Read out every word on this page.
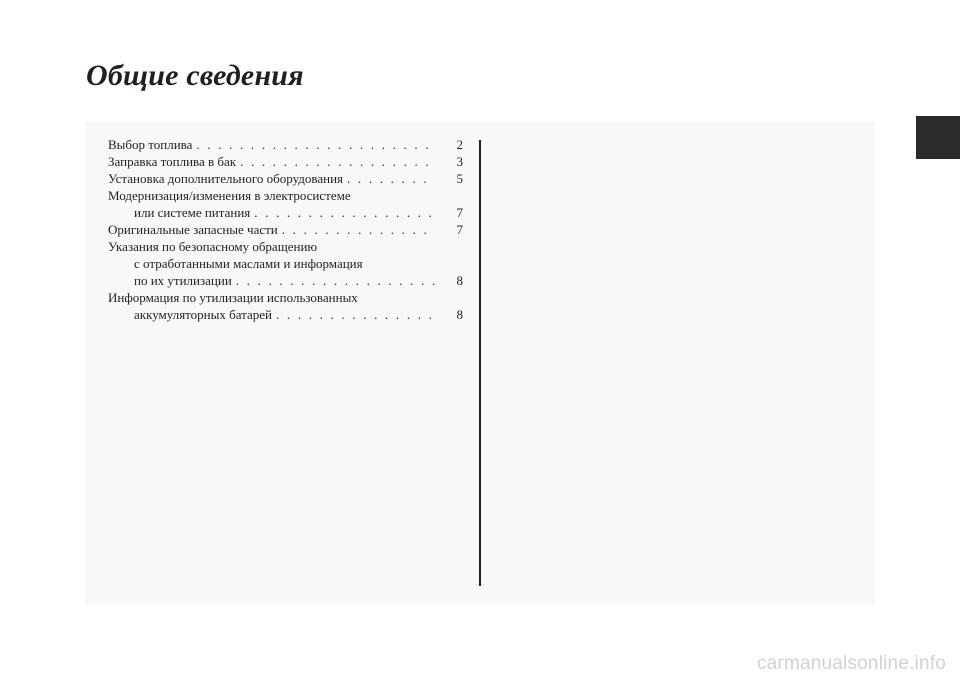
Общие сведения
Выбор топлива . . .	2
Заправка топлива в бак . . .	3
Установка дополнительного оборудования . . .	5
Модернизация/изменения в электросистеме
или системе питания . . .	7
Оригинальные запасные части . . .	7
Указания по безопасному обращению
с отработанными маслами и информация
по их утилизации . . .	8
Информация по утилизации использованных
аккумуляторных батарей . . .	8
carmanualsonline.info
